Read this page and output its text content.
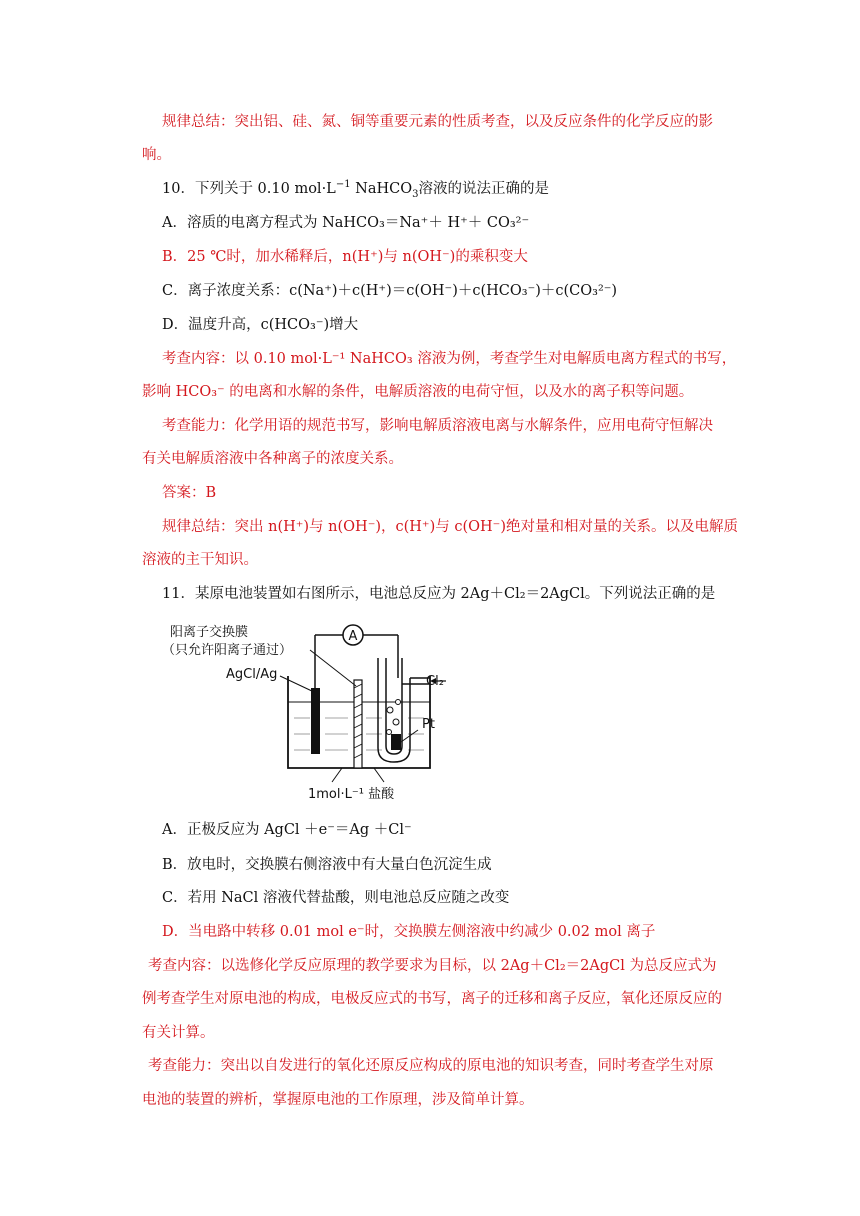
规律总结：突出铝、硅、氮、铜等重要元素的性质考查，以及反应条件的化学反应的影
响。
10．下列关于 0.10 $mol\cdot L^{-1}$ NaHCO$_3$溶液的说法正确的是
A．溶质的电离方程式为 NaHCO₃＝Na⁺＋ H⁺＋ CO₃²⁻
B．25 ℃时，加水稀释后，n(H⁺)与 n(OH⁻)的乘积变大
C．离子浓度关系：c(Na⁺)＋c(H⁺)＝c(OH⁻)＋c(HCO₃⁻)＋c(CO₃²⁻)
D．温度升高，c(HCO₃⁻)增大
考查内容：以 0.10 mol·L⁻¹ NaHCO₃ 溶液为例，考查学生对电解质电离方程式的书写，
影响 HCO₃⁻ 的电离和水解的条件，电解质溶液的电荷守恒，以及水的离子积等问题。
考查能力：化学用语的规范书写，影响电解质溶液电离与水解条件，应用电荷守恒解决
有关电解质溶液中各种离子的浓度关系。
答案：B
规律总结：突出 n(H⁺)与 n(OH⁻)，c(H⁺)与 c(OH⁻)绝对量和相对量的关系。以及电解质
溶液的主干知识。
11．某原电池装置如右图所示，电池总反应为 2Ag＋Cl₂＝2AgCl。下列说法正确的是
A
阳离子交换膜
（只允许阳离子通过）
AgCl/Ag	Cl₂
Pt
1mol·L⁻¹ 盐酸
A．正极反应为 AgCl ＋e⁻＝Ag ＋Cl⁻
B．放电时，交换膜右侧溶液中有大量白色沉淀生成
C．若用 NaCl 溶液代替盐酸，则电池总反应随之改变
D．当电路中转移 0.01 mol e⁻时，交换膜左侧溶液中约减少 0.02 mol 离子
考查内容：以选修化学反应原理的教学要求为目标，以 2Ag＋Cl₂＝2AgCl 为总反应式为
例考查学生对原电池的构成，电极反应式的书写，离子的迁移和离子反应，氧化还原反应的
有关计算。
考查能力：突出以自发进行的氧化还原反应构成的原电池的知识考查，同时考查学生对原
电池的装置的辨析，掌握原电池的工作原理，涉及简单计算。
